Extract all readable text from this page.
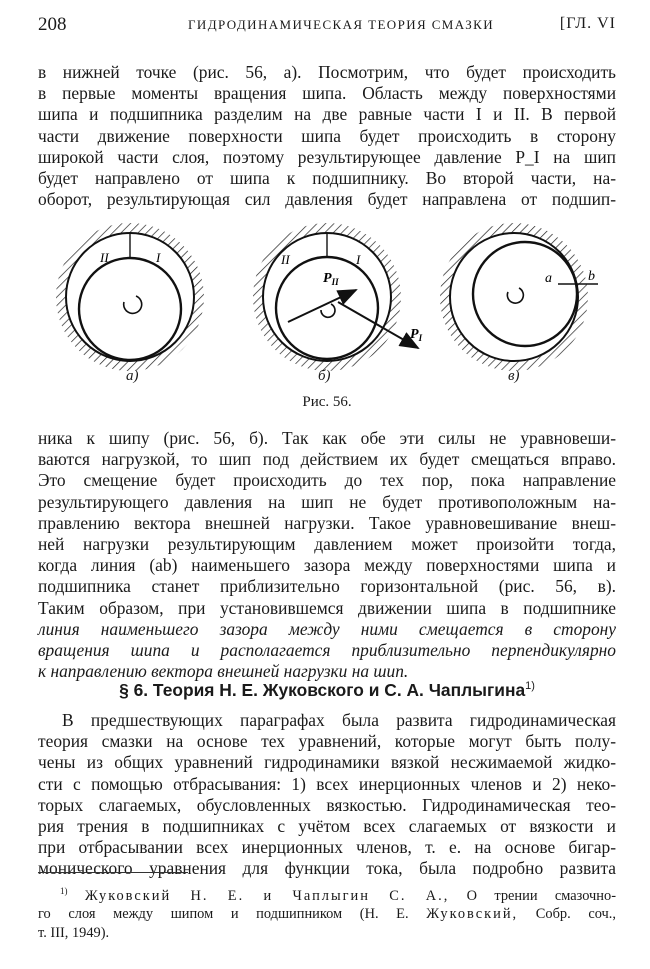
208	ГИДРОДИНАМИЧЕСКАЯ ТЕОРИЯ СМАЗКИ	[ГЛ. VI

в нижней точке (рис. 56, а). Посмотрим, что будет происходить
в первые моменты вращения шипа. Область между поверхностями
шипа и подшипника разделим на две равные части I и II. В первой
части движение поверхности шипа будет происходить в сторону
широкой части слоя, поэтому результирующее давление P_I на шип
будет направлено от шипа к подшипнику. Во второй части, на-
оборот, результирующая сил давления будет направлена от подшип-

II	I	II	I
$P_{II}$
$P_I$
a	b
а)	б)	в)
Рис. 56.

ника к шипу (рис. 56, б). Так как обе эти силы не уравновеши-
ваются нагрузкой, то шип под действием их будет смещаться вправо.
Это смещение будет происходить до тех пор, пока направление
результирующего давления на шип не будет противоположным на-
правлению вектора внешней нагрузки. Такое уравновешивание внеш-
ней нагрузки результирующим давлением может произойти тогда,
когда линия (ab) наименьшего зазора между поверхностями шипа и
подшипника станет приблизительно горизонтальной (рис. 56, в).
Таким образом, при установившемся движении шипа в подшипнике
линия наименьшего зазора между ними смещается в сторону
вращения шипа и располагается приблизительно перпендикулярно
к направлению вектора внешней нагрузки на шип.

§ 6. Теория Н. Е. Жуковского и С. А. Чаплыгина$^{1)}$

В предшествующих параграфах была развита гидродинамическая
теория смазки на основе тех уравнений, которые могут быть полу-
чены из общих уравнений гидродинамики вязкой несжимаемой жидко-
сти с помощью отбрасывания: 1) всех инерционных членов и 2) неко-
торых слагаемых, обусловленных вязкостью. Гидродинамическая тео-
рия трения в подшипниках с учётом всех слагаемых от вязкости и
при отбрасывании всех инерционных членов, т. е. на основе бигар-
монического уравнения для функции тока, была подробно развита

$^{1)}$ Жуковский Н. Е. и Чаплыгин С. А., О трении смазочно-
го слоя между шипом и подшипником (Н. Е. Жуковский, Собр. соч.,
т. III, 1949).
